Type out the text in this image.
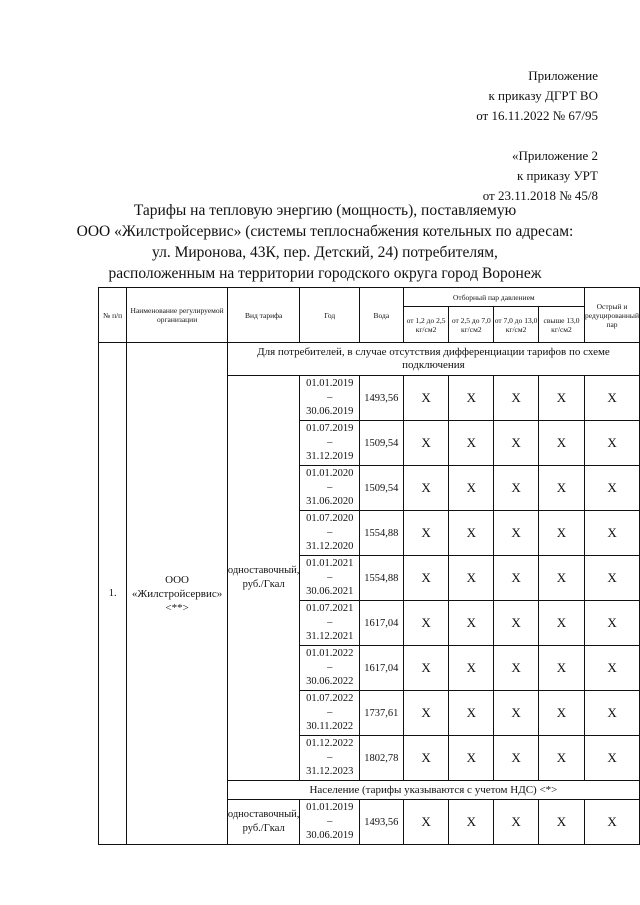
Приложение
к приказу ДГРТ ВО
от 16.11.2022 № 67/95
«Приложение 2
к приказу УРТ
от 23.11.2018 № 45/8
Тарифы на тепловую энергию (мощность), поставляемую
ООО «Жилстройсервис» (системы теплоснабжения котельных по адресам:
ул. Миронова, 43К, пер. Детский, 24) потребителям,
расположенным на территории городского округа город Воронеж
№ п/п	Наименование регулируемой организации	Вид тарифа	Год	Вода	Отборный пар давлением				Острый и редуцированный пар
					от 1,2 до 2,5 кг/см2	от 2,5 до 7,0 кг/см2	от 7,0 до 13,0 кг/см2	свыше 13,0 кг/см2	
1.	ООО «Жилстройсервис» <**>	Для потребителей, в случае отсутствия дифференциации тарифов по схеме подключения							
		одноставочный, руб./Гкал	01.01.2019
–
30.06.2019	1493,56	X	X	X	X	X

			01.07.2019
–
31.12.2019	1509,54	X	X	X	X	X

			01.01.2020
–
31.06.2020	1509,54	X	X	X	X	X

			01.07.2020
–
31.12.2020	1554,88	X	X	X	X	X

			01.01.2021
–
30.06.2021	1554,88	X	X	X	X	X

			01.07.2021
–
31.12.2021	1617,04	X	X	X	X	X

			01.01.2022
–
30.06.2022	1617,04	X	X	X	X	X

			01.07.2022
–
30.11.2022	1737,61	X	X	X	X	X

			01.12.2022
–
31.12.2023	1802,78	X	X	X	X	X
		Население (тарифы указываются с учетом НДС) <*>							
		одноставочный, руб./Гкал	01.01.2019
–
30.06.2019	1493,56	X	X	X	X	X
